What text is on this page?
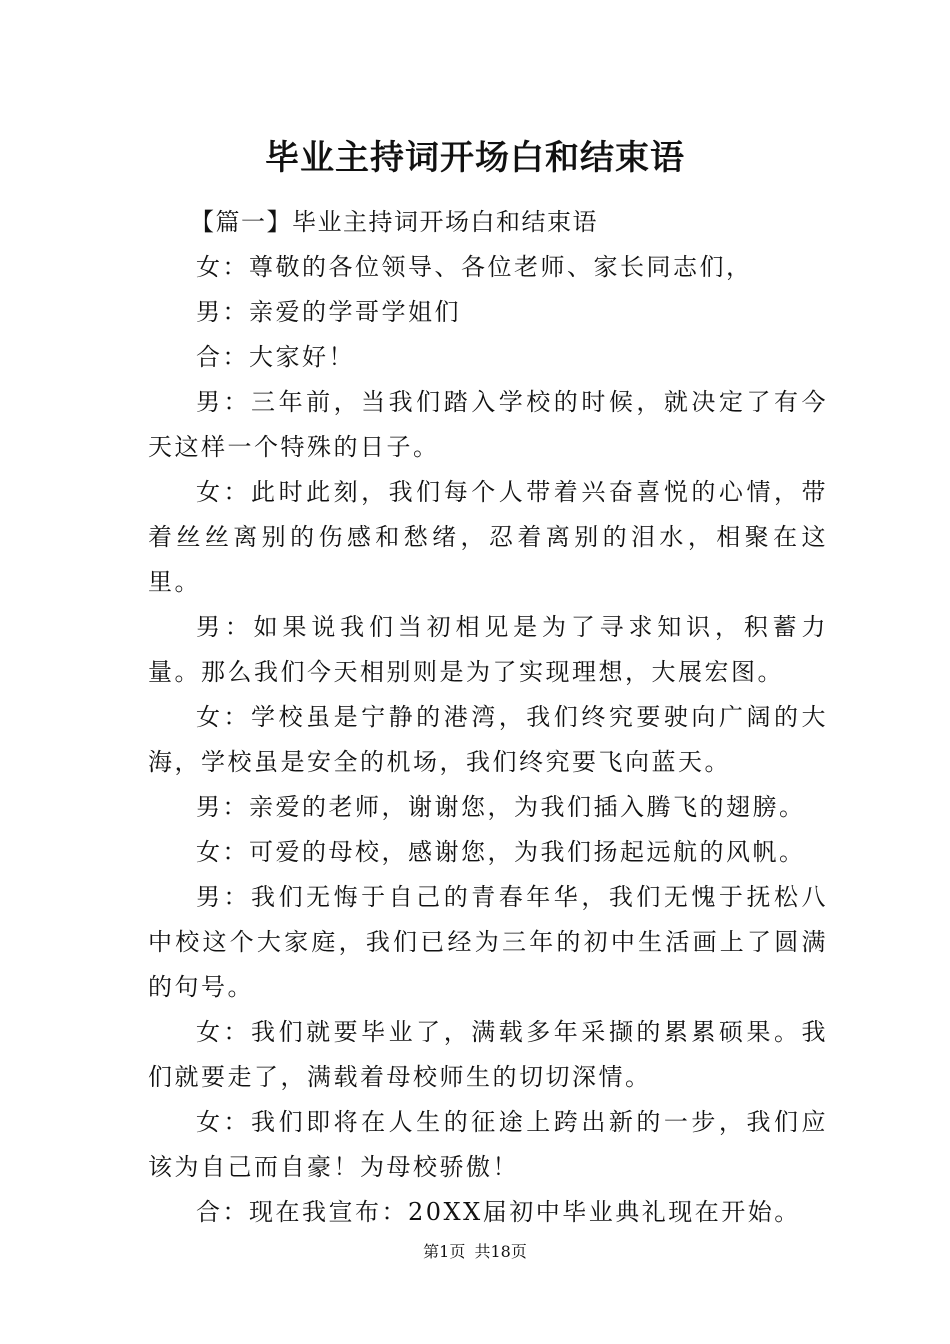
毕业主持词开场白和结束语

【篇一】毕业主持词开场白和结束语

女：尊敬的各位领导、各位老师、家长同志们，

男：亲爱的学哥学姐们

合：大家好！

男：三年前，当我们踏入学校的时候，就决定了有今天这样一个特殊的日子。

女：此时此刻，我们每个人带着兴奋喜悦的心情，带着丝丝离别的伤感和愁绪，忍着离别的泪水，相聚在这里。

男：如果说我们当初相见是为了寻求知识，积蓄力量。那么我们今天相别则是为了实现理想，大展宏图。

女：学校虽是宁静的港湾，我们终究要驶向广阔的大海，学校虽是安全的机场，我们终究要飞向蓝天。

男：亲爱的老师，谢谢您，为我们插入腾飞的翅膀。

女：可爱的母校，感谢您，为我们扬起远航的风帆。

男：我们无悔于自己的青春年华，我们无愧于抚松八中校这个大家庭，我们已经为三年的初中生活画上了圆满的句号。

女：我们就要毕业了，满载多年采撷的累累硕果。我们就要走了，满载着母校师生的切切深情。

女：我们即将在人生的征途上跨出新的一步，我们应该为自己而自豪！为母校骄傲！

合：现在我宣布：20XX届初中毕业典礼现在开始。

第1页 共18页
